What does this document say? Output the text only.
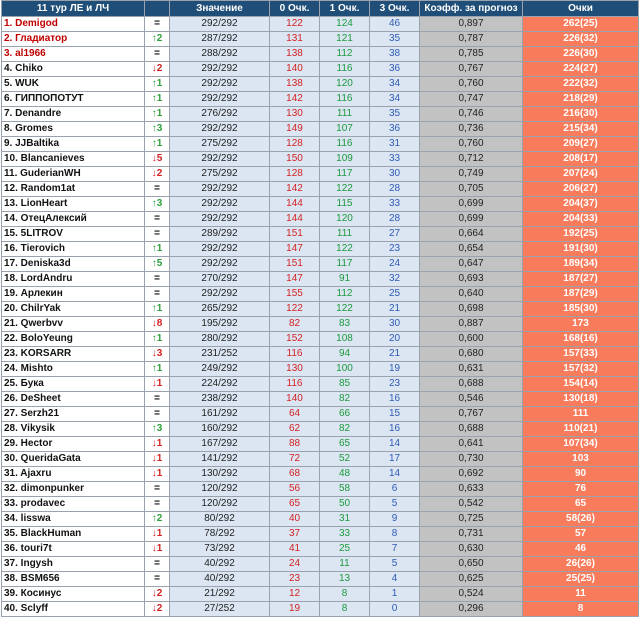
11 тур ЛЕ и ЛЧ		Значение	0 Очк.	1 Очк.	3 Очк.	Коэфф. за прогноз	Очки
1. Demigod	=	292/292	122	124	46	0,897	262(25)
2. Гладиатор	↑2	287/292	131	121	35	0,787	226(32)
3. al1966	=	288/292	138	112	38	0,785	226(30)
4. Chiko	↓2	292/292	140	116	36	0,767	224(27)
5. WUK	↑1	292/292	138	120	34	0,760	222(32)
6. ГИППОПОТУТ	↑1	292/292	142	116	34	0,747	218(29)
7. Denandre	↑1	276/292	130	111	35	0,746	216(30)
8. Gromes	↑3	292/292	149	107	36	0,736	215(34)
9. JJBaltika	↑1	275/292	128	116	31	0,760	209(27)
10. Blancanieves	↓5	292/292	150	109	33	0,712	208(17)
11. GuderianWH	↓2	275/292	128	117	30	0,749	207(24)
12. Random1at	=	292/292	142	122	28	0,705	206(27)
13. LionHeart	↑3	292/292	144	115	33	0,699	204(37)
14. ОтецАлексий	=	292/292	144	120	28	0,699	204(33)
15. 5LITROV	=	289/292	151	111	27	0,664	192(25)
16. Tierovich	↑1	292/292	147	122	23	0,654	191(30)
17. Deniska3d	↑5	292/292	151	117	24	0,647	189(34)
18. LordAndru	=	270/292	147	91	32	0,693	187(27)
19. Арлекин	=	292/292	155	112	25	0,640	187(29)
20. ChilrYak	↑1	265/292	122	122	21	0,698	185(30)
21. Qwerbvv	↓8	195/292	82	83	30	0,887	173
22. BoloYeung	↑1	280/292	152	108	20	0,600	168(16)
23. KORSARR	↓3	231/252	116	94	21	0,680	157(33)
24. Mishto	↑1	249/292	130	100	19	0,631	157(32)
25. Бука	↓1	224/292	116	85	23	0,688	154(14)
26. DeSheet	=	238/292	140	82	16	0,546	130(18)
27. Serzh21	=	161/292	64	66	15	0,767	111
28. Vikysik	↑3	160/292	62	82	16	0,688	110(21)
29. Hector	↓1	167/292	88	65	14	0,641	107(34)
30. QueridaGata	↓1	141/292	72	52	17	0,730	103
31. Ajaxru	↓1	130/292	68	48	14	0,692	90
32. dimonpunker	=	120/292	56	58	6	0,633	76
33. prodavec	=	120/292	65	50	5	0,542	65
34. lisswa	↑2	80/292	40	31	9	0,725	58(26)
35. BlackHuman	↓1	78/292	37	33	8	0,731	57
36. touri7t	↓1	73/292	41	25	7	0,630	46
37. Ingysh	=	40/292	24	11	5	0,650	26(26)
38. BSM656	=	40/292	23	13	4	0,625	25(25)
39. Косинус	↓2	21/292	12	8	1	0,524	11
40. Sclyff	↓2	27/252	19	8	0	0,296	8
